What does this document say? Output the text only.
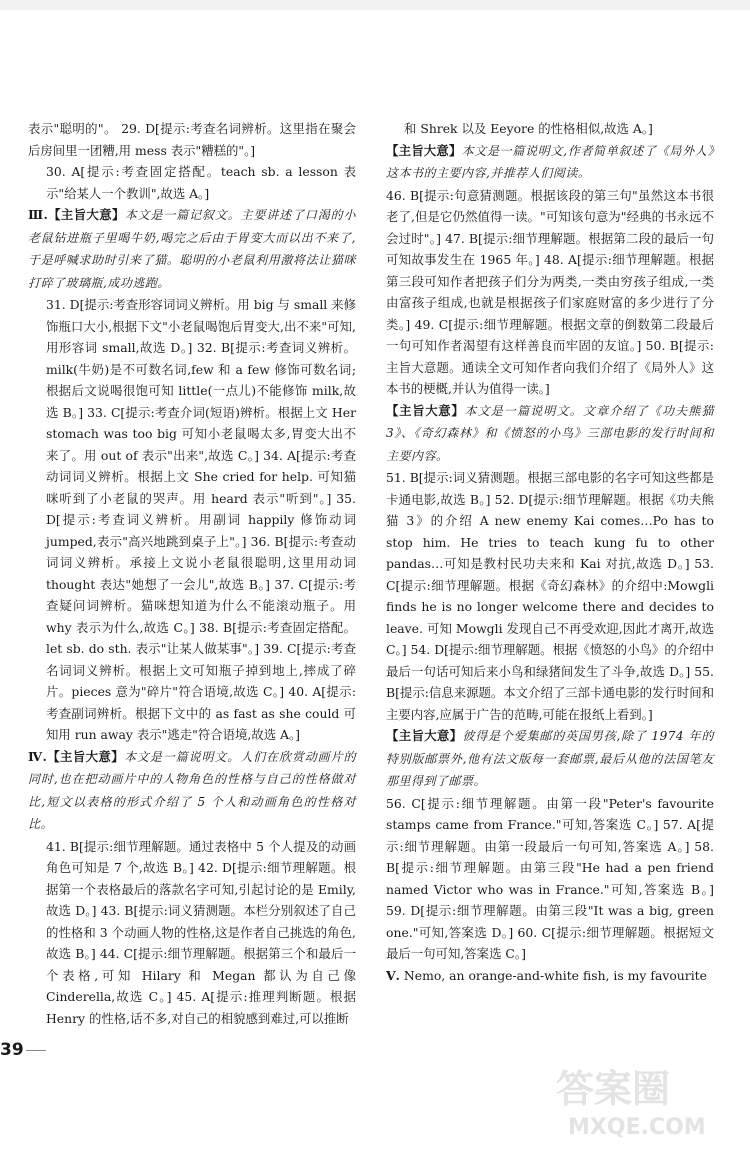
表示"聪明的"。 29. D[提示:考查名词辨析。这里指在聚会后房间里一团糟,用 mess 表示"糟糕的"。]

30. A[提示:考查固定搭配。teach sb. a lesson 表示"给某人一个教训",故选 A。]

Ⅲ.【主旨大意】本文是一篇记叙文。主要讲述了口渴的小老鼠钻进瓶子里喝牛奶,喝完之后由于胃变大而以出不来了,于是呼喊求助时引来了猫。聪明的小老鼠利用激将法让猫咪打碎了玻璃瓶,成功逃跑。

31. D[提示:考查形容词词义辨析。用 big 与 small 来修饰瓶口大小,根据下文"小老鼠喝饱后胃变大,出不来"可知,用形容词 small,故选 D。] 32. B[提示:考查词义辨析。milk(牛奶)是不可数名词,few 和 a few 修饰可数名词;根据后文说喝很饱可知 little(一点儿)不能修饰 milk,故选 B。] 33. C[提示:考查介词(短语)辨析。根据上文 Her stomach was too big 可知小老鼠喝太多,胃变大出不来了。用 out of 表示"出来",故选 C。] 34. A[提示:考查动词词义辨析。根据上文 She cried for help. 可知猫咪听到了小老鼠的哭声。用 heard 表示"听到"。] 35. D[提示:考查词义辨析。用副词 happily 修饰动词 jumped,表示"高兴地跳到桌子上"。] 36. B[提示:考查动词词义辨析。承接上文说小老鼠很聪明,这里用动词 thought 表达"她想了一会儿",故选 B。] 37. C[提示:考查疑问词辨析。猫咪想知道为什么不能滚动瓶子。用 why 表示为什么,故选 C。] 38. B[提示:考查固定搭配。let sb. do sth. 表示"让某人做某事"。] 39. C[提示:考查名词词义辨析。根据上文可知瓶子掉到地上,摔成了碎片。pieces 意为"碎片"符合语境,故选 C。] 40. A[提示:考查副词辨析。根据下文中的 as fast as she could 可知用 run away 表示"逃走"符合语境,故选 A。]

Ⅳ.【主旨大意】本文是一篇说明文。人们在欣赏动画片的同时,也在把动画片中的人物角色的性格与自己的性格做对比,短文以表格的形式介绍了 5 个人和动画角色的性格对比。

41. B[提示:细节理解题。通过表格中 5 个人提及的动画角色可知是 7 个,故选 B。] 42. D[提示:细节理解题。根据第一个表格最后的落款名字可知,引起讨论的是 Emily,故选 D。] 43. B[提示:词义猜测题。本栏分别叙述了自己的性格和 3 个动画人物的性格,这是作者自己挑选的角色,故选 B。] 44. C[提示:细节理解题。根据第三个和最后一个表格,可知 Hilary 和 Megan 都认为自己像 Cinderella,故选 C。] 45. A[提示:推理判断题。根据 Henry 的性格,话不多,对自己的相貌感到难过,可以推断

和 Shrek 以及 Eeyore 的性格相似,故选 A。]

【主旨大意】本文是一篇说明文,作者简单叙述了《局外人》这本书的主要内容,并推荐人们阅读。

46. B[提示:句意猜测题。根据该段的第三句"虽然这本书很老了,但是它仍然值得一读。"可知该句意为"经典的书永远不会过时"。] 47. B[提示:细节理解题。根据第二段的最后一句可知故事发生在 1965 年。] 48. A[提示:细节理解题。根据第三段可知作者把孩子们分为两类,一类由穷孩子组成,一类由富孩子组成,也就是根据孩子们家庭财富的多少进行了分类。] 49. C[提示:细节理解题。根据文章的倒数第二段最后一句可知作者渴望有这样善良而牢固的友谊。] 50. B[提示:主旨大意题。通读全文可知作者向我们介绍了《局外人》这本书的梗概,并认为值得一读。]

【主旨大意】本文是一篇说明文。文章介绍了《功夫熊猫 3》、《奇幻森林》和《愤怒的小鸟》三部电影的发行时间和主要内容。

51. B[提示:词义猜测题。根据三部电影的名字可知这些都是卡通电影,故选 B。] 52. D[提示:细节理解题。根据《功夫熊猫 3》的介绍 A new enemy Kai comes…Po has to stop him. He tries to teach kung fu to other pandas…可知是教村民功夫来和 Kai 对抗,故选 D。] 53. C[提示:细节理解题。根据《奇幻森林》的介绍中:Mowgli finds he is no longer welcome there and decides to leave. 可知 Mowgli 发现自己不再受欢迎,因此才离开,故选 C。] 54. D[提示:细节理解题。根据《愤怒的小鸟》的介绍中最后一句话可知后来小鸟和绿猪间发生了斗争,故选 D。] 55. B[提示:信息来源题。本文介绍了三部卡通电影的发行时间和主要内容,应属于广告的范畴,可能在报纸上看到。]

【主旨大意】彼得是个爱集邮的英国男孩,除了 1974 年的特别版邮票外,他有法文版每一套邮票,最后从他的法国笔友那里得到了邮票。

56. C[提示:细节理解题。由第一段"Peter's favourite stamps came from France."可知,答案选 C。] 57. A[提示:细节理解题。由第一段最后一句可知,答案选 A。] 58. B[提示:细节理解题。由第三段"He had a pen friend named Victor who was in France."可知,答案选 B。] 59. D[提示:细节理解题。由第三段"It was a big, green one."可知,答案选 D。] 60. C[提示:细节理解题。根据短文最后一句可知,答案选 C。]

Ⅴ. Nemo, an orange-and-white fish, is my favourite

39
答案圈
MXQE.COM
